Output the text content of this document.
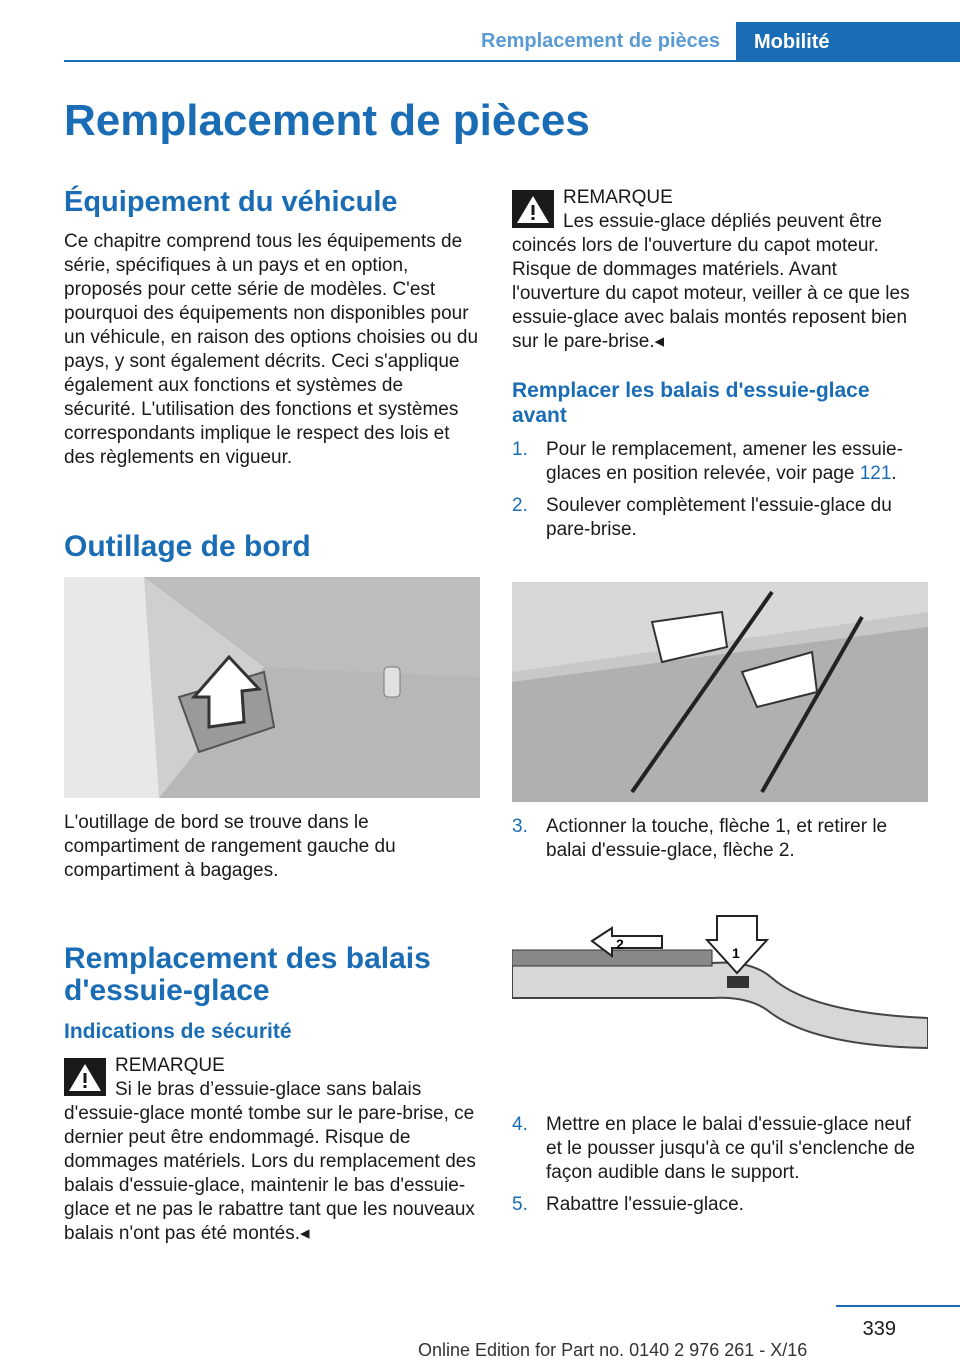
Remplacement de pièces	Mobilité
Remplacement de pièces
Équipement du véhicule

Ce chapitre comprend tous les équipements de série, spécifiques à un pays et en option, proposés pour cette série de modèles. C'est pourquoi des équipements non disponibles pour un véhicule, en raison des options choisies ou du pays, y sont également décrits. Ceci s'applique également aux fonctions et systèmes de sécurité. L'utilisation des fonctions et systèmes correspondants implique le respect des lois et des règlements en vigueur.

Outillage de bord

L'outillage de bord se trouve dans le compartiment de rangement gauche du compartiment à bagages.

Remplacement des balais d'essuie-glace
Indications de sécurité
REMARQUE
Si le bras d’essuie-glace sans balais

d'essuie-glace monté tombe sur le pare-brise, ce dernier peut être endommagé. Risque de dommages matériels. Lors du remplacement des balais d'essuie-glace, maintenir le bas d'essuie-glace et ne pas le rabattre tant que les nouveaux balais n'ont pas été montés.◂

REMARQUE
Les essuie-glace dépliés peuvent être

coincés lors de l'ouverture du capot moteur. Risque de dommages matériels. Avant l'ouverture du capot moteur, veiller à ce que les essuie-glace avec balais montés reposent bien sur le pare-brise.◂

Remplacer les balais d'essuie-glace avant
1. Pour le remplacement, amener les essuie-glaces en position relevée, voir page 121.
2. Soulever complètement l'essuie-glace du pare-brise.
3. Actionner la touche, flèche 1, et retirer le balai d'essuie-glace, flèche 2.
2
1
4. Mettre en place le balai d'essuie-glace neuf et le pousser jusqu'à ce qu'il s'enclenche de façon audible dans le support.
5. Rabattre l'essuie-glace.
339
Online Edition for Part no. 0140 2 976 261 - X/16
